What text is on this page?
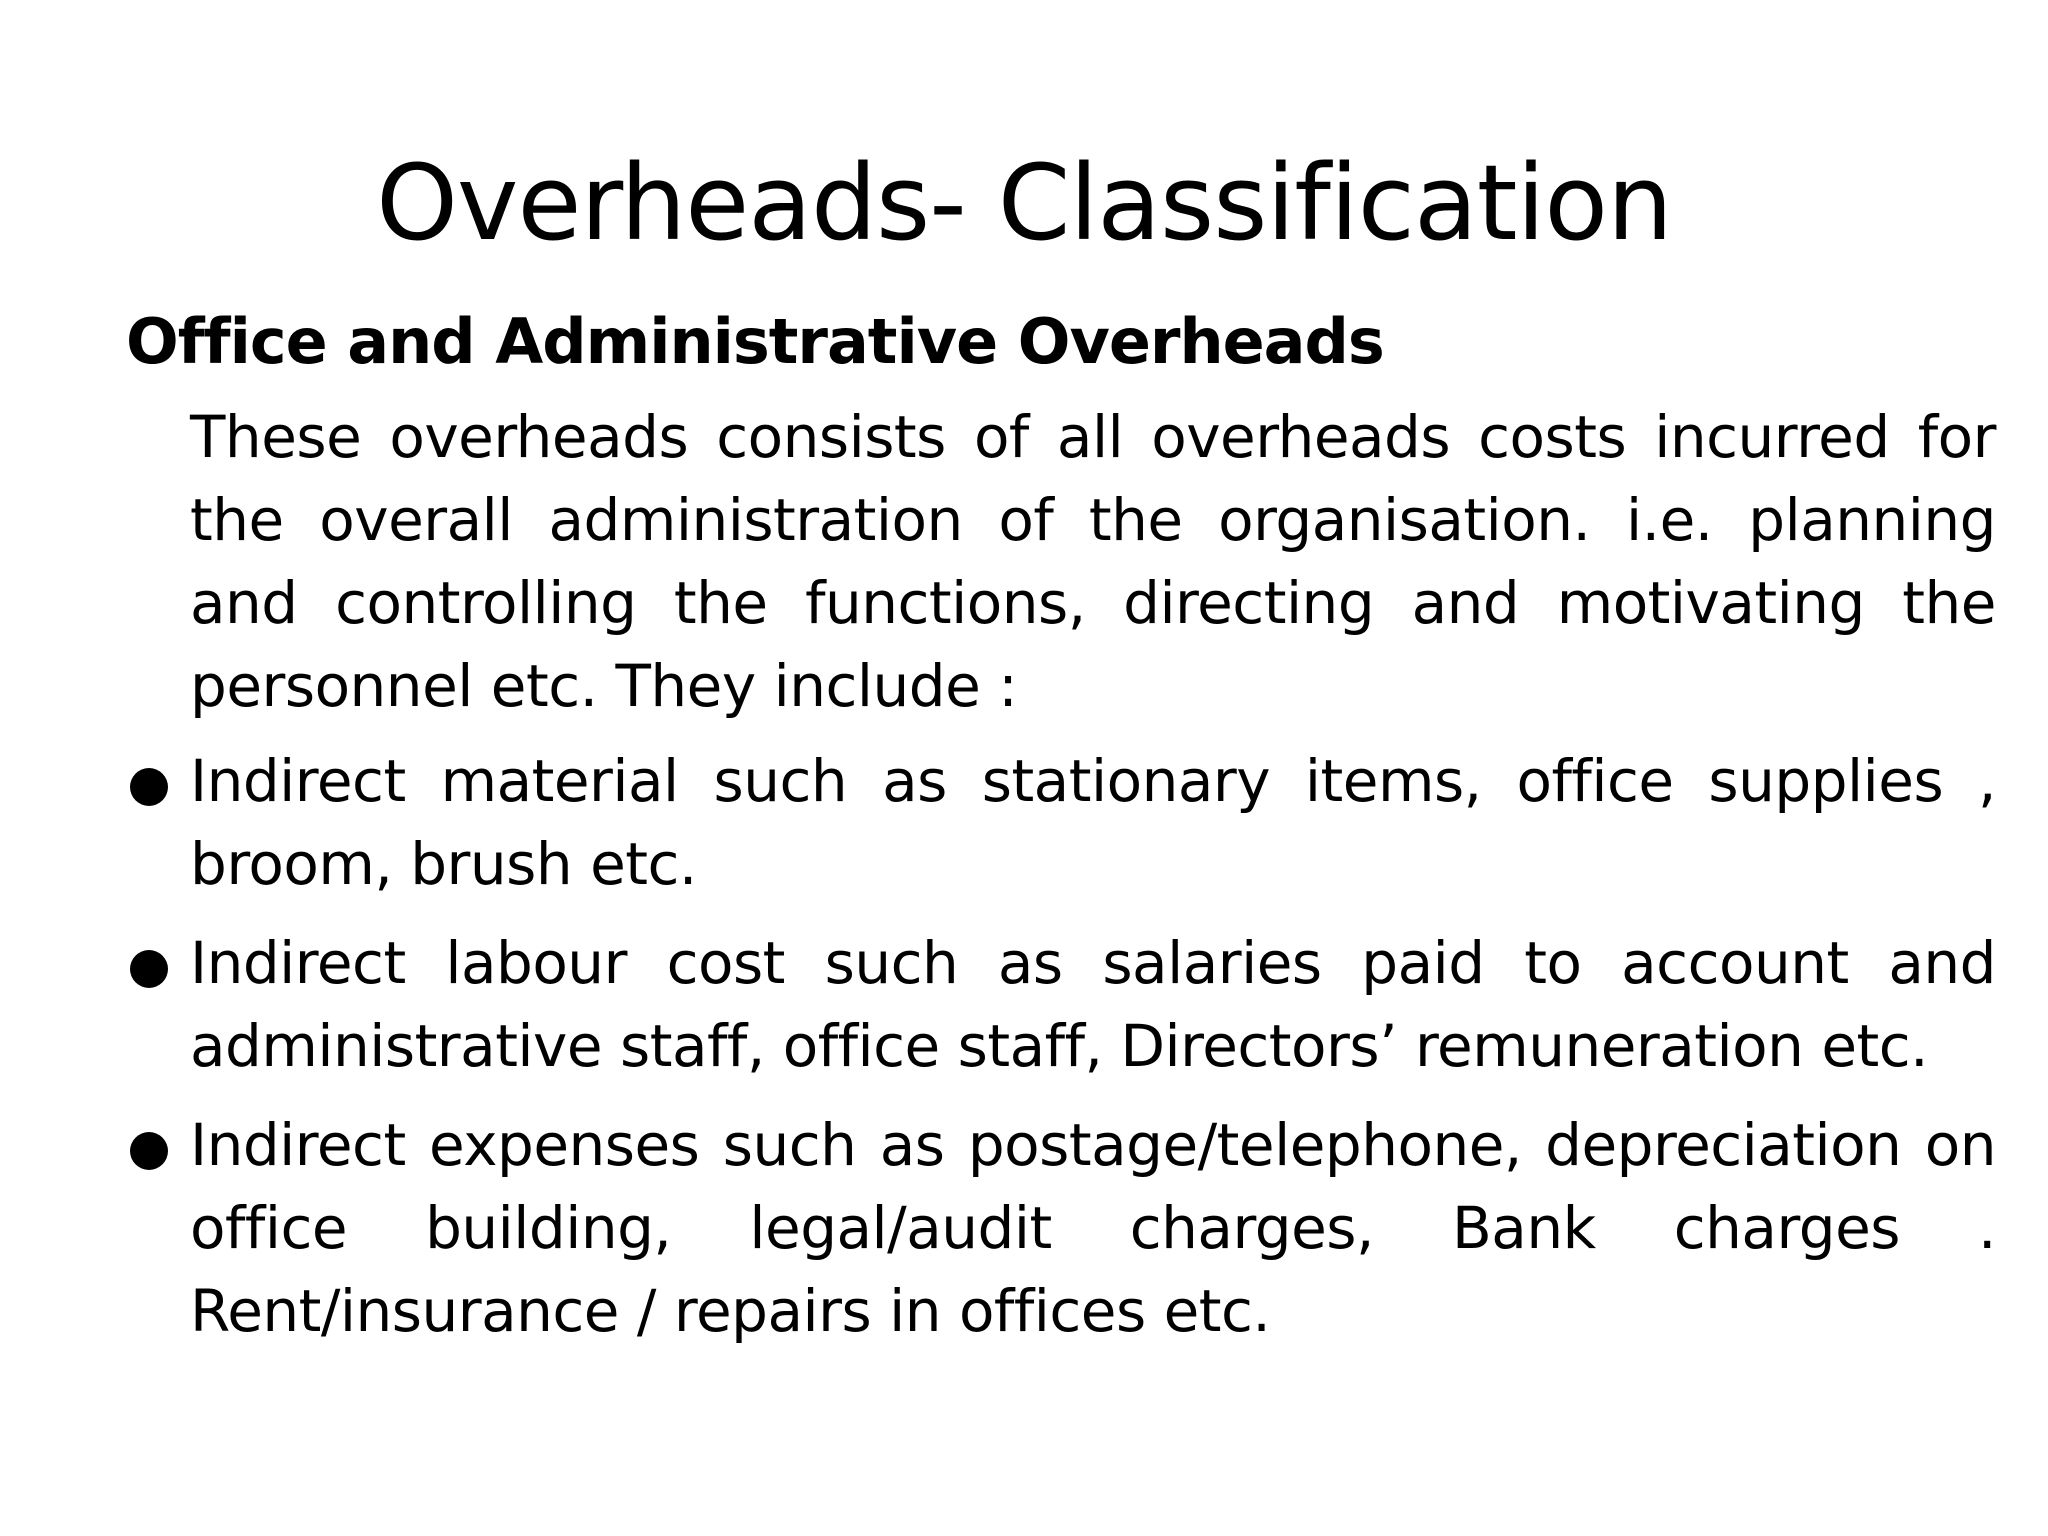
Overheads- Classification
Office and Administrative Overheads

These overheads consists of all overheads costs incurred for the overall administration of the organisation. i.e. planning and controlling the functions, directing and motivating the personnel etc. They include :

Indirect material such as stationary items, office supplies , broom, brush etc.
Indirect labour cost such as salaries paid to account and administrative staff, office staff, Directors’ remuneration etc.
Indirect expenses such as postage/telephone, depreciation on office building, legal/audit charges, Bank charges . Rent/insurance / repairs in offices etc.
